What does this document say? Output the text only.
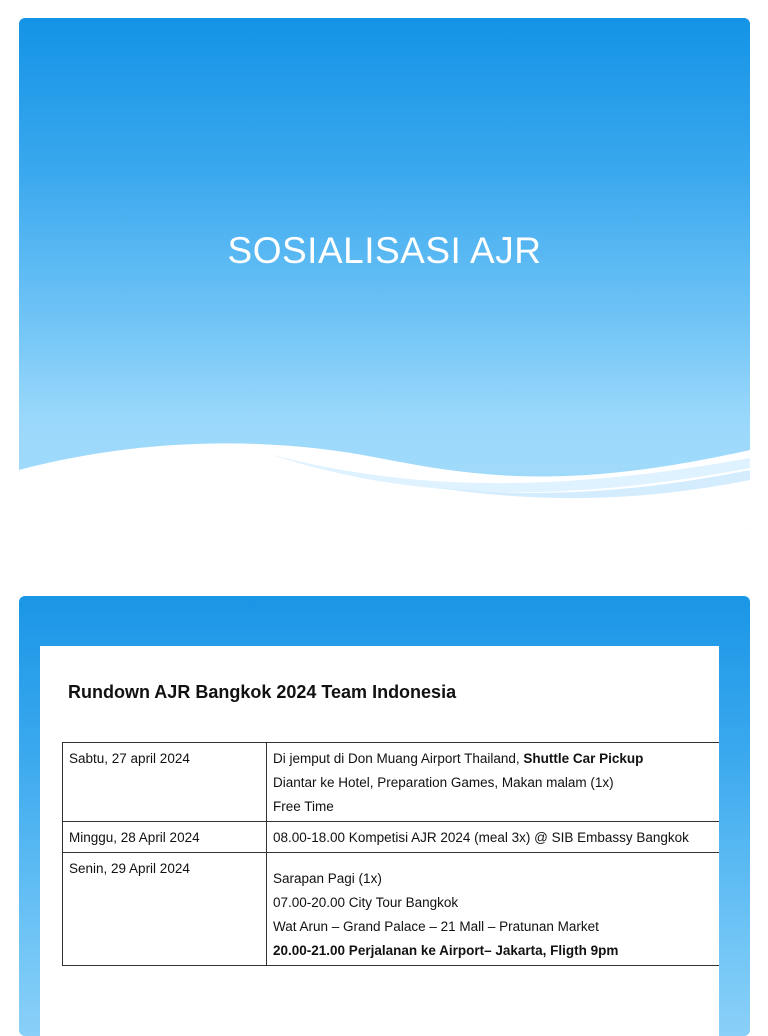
SOSIALISASI AJR
Rundown AJR Bangkok 2024 Team Indonesia
Sabtu, 27 april 2024	Di jemput di Don Muang Airport Thailand, Shuttle Car Pickup
Diantar ke Hotel, Preparation Games, Makan malam (1x)
Free Time

Minggu, 28 April 2024	08.00-18.00 Kompetisi AJR 2024 (meal 3x) @ SIB Embassy Bangkok

Senin, 29 April 2024	Sarapan Pagi (1x)
07.00-20.00 City Tour Bangkok
Wat Arun – Grand Palace – 21 Mall – Pratunan Market
20.00-21.00 Perjalanan ke Airport– Jakarta, Fligth 9pm
